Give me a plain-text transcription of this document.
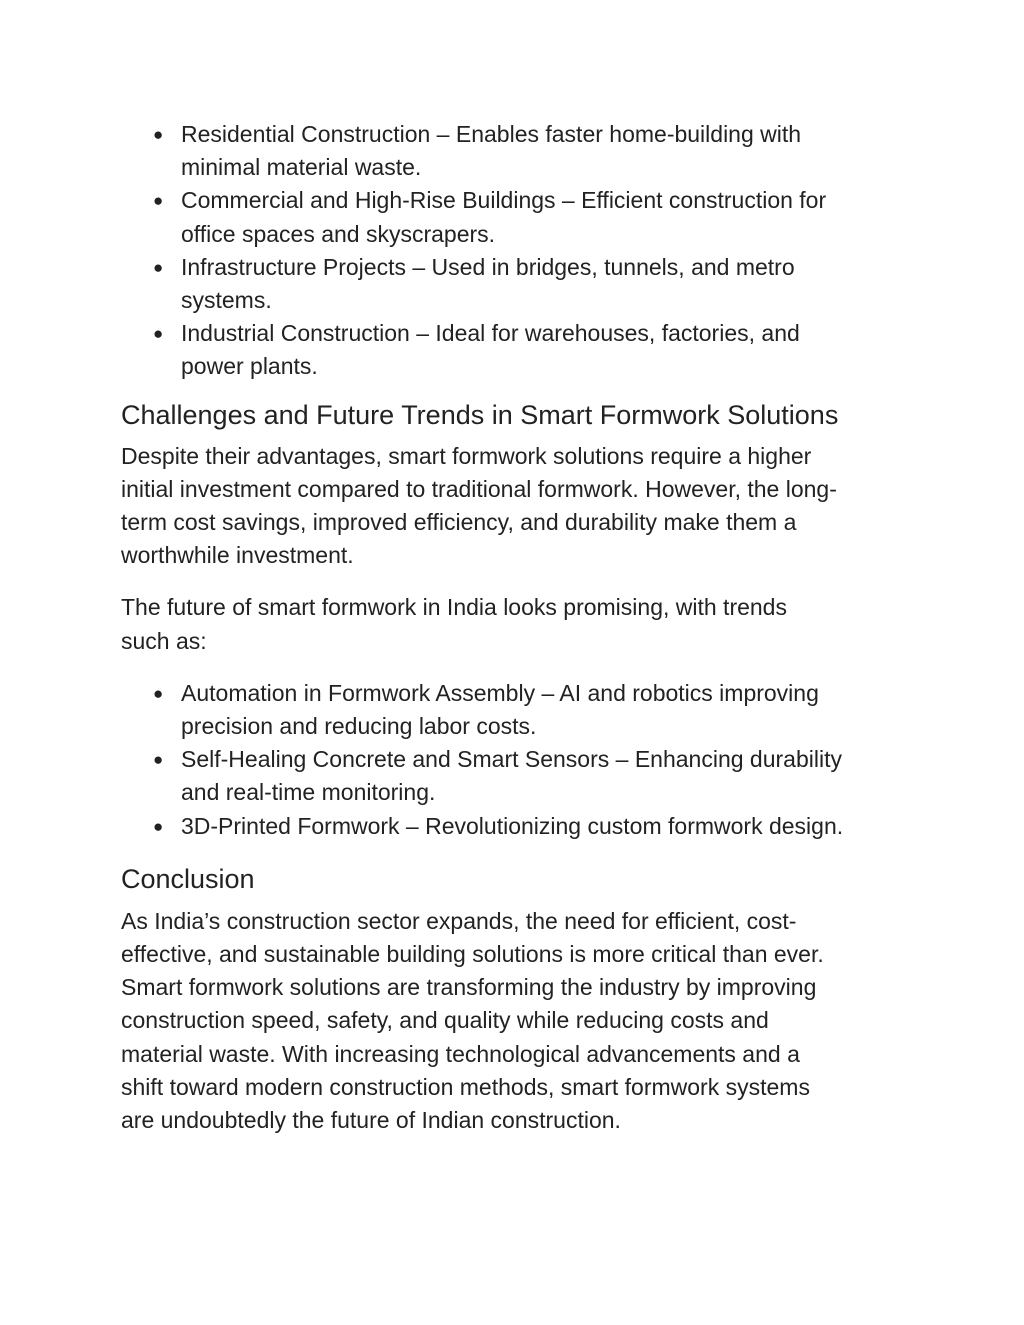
● Residential Construction – Enables faster home-building with
minimal material waste.
● Commercial and High-Rise Buildings – Efficient construction for
office spaces and skyscrapers.
● Infrastructure Projects – Used in bridges, tunnels, and metro
systems.
● Industrial Construction – Ideal for warehouses, factories, and
power plants.
Challenges and Future Trends in Smart Formwork Solutions

Despite their advantages, smart formwork solutions require a higher
initial investment compared to traditional formwork. However, the long-
term cost savings, improved efficiency, and durability make them a
worthwhile investment.

The future of smart formwork in India looks promising, with trends
such as:

● Automation in Formwork Assembly – AI and robotics improving
precision and reducing labor costs.
● Self-Healing Concrete and Smart Sensors – Enhancing durability
and real-time monitoring.
● 3D-Printed Formwork – Revolutionizing custom formwork design.
Conclusion

As India’s construction sector expands, the need for efficient, cost-
effective, and sustainable building solutions is more critical than ever.
Smart formwork solutions are transforming the industry by improving
construction speed, safety, and quality while reducing costs and
material waste. With increasing technological advancements and a
shift toward modern construction methods, smart formwork systems
are undoubtedly the future of Indian construction.
